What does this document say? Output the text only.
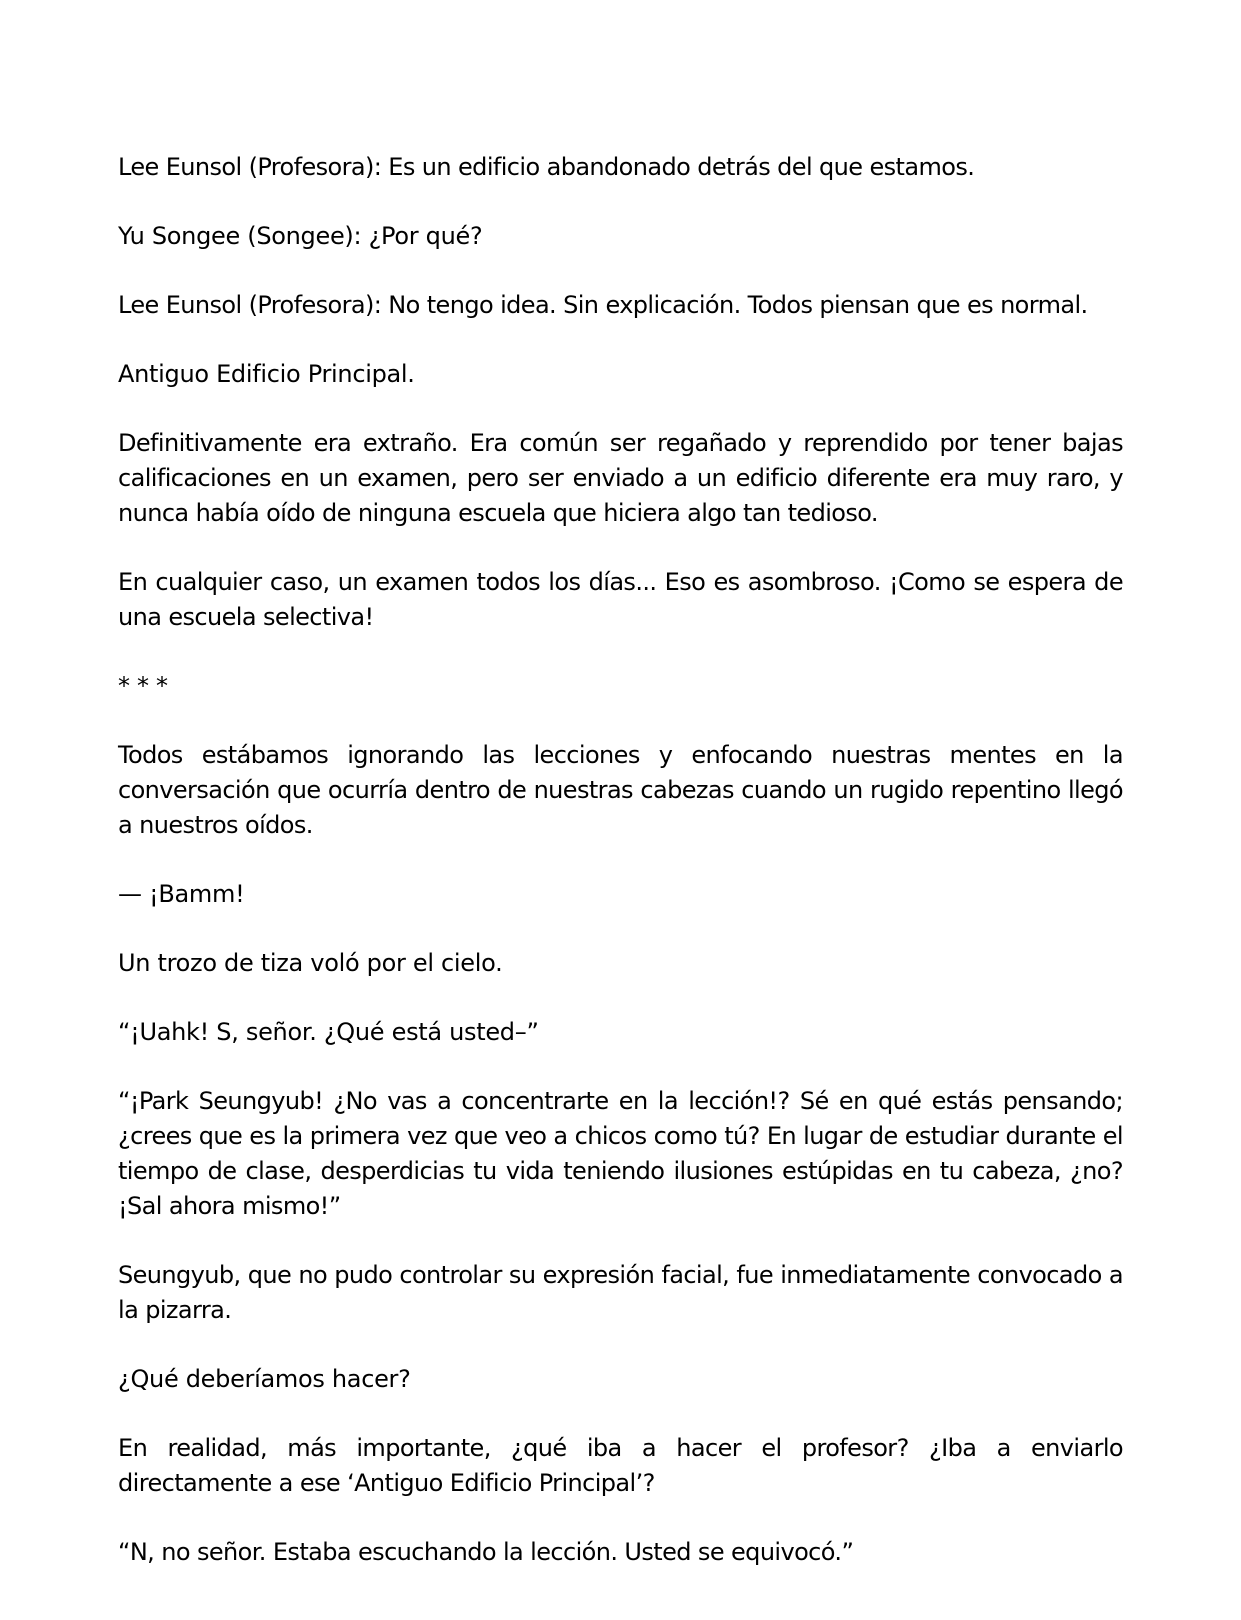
Lee Eunsol (Profesora): Es un edificio abandonado detrás del que estamos.

Yu Songee (Songee): ¿Por qué?

Lee Eunsol (Profesora): No tengo idea. Sin explicación. Todos piensan que es normal.

Antiguo Edificio Principal.

Definitivamente era extraño. Era común ser regañado y reprendido por tener bajas calificaciones en un examen, pero ser enviado a un edificio diferente era muy raro, y nunca había oído de ninguna escuela que hiciera algo tan tedioso.

En cualquier caso, un examen todos los días... Eso es asombroso. ¡Como se espera de una escuela selectiva!

* * *

Todos estábamos ignorando las lecciones y enfocando nuestras mentes en la conversación que ocurría dentro de nuestras cabezas cuando un rugido repentino llegó a nuestros oídos.

— ¡Bamm!

Un trozo de tiza voló por el cielo.

“¡Uahk! S, señor. ¿Qué está usted–”

“¡Park Seungyub! ¿No vas a concentrarte en la lección!? Sé en qué estás pensando; ¿crees que es la primera vez que veo a chicos como tú? En lugar de estudiar durante el tiempo de clase, desperdicias tu vida teniendo ilusiones estúpidas en tu cabeza, ¿no? ¡Sal ahora mismo!”

Seungyub, que no pudo controlar su expresión facial, fue inmediatamente convocado a la pizarra.

¿Qué deberíamos hacer?

En realidad, más importante, ¿qué iba a hacer el profesor? ¿Iba a enviarlo directamente a ese ‘Antiguo Edificio Principal’?

“N, no señor. Estaba escuchando la lección. Usted se equivocó.”
